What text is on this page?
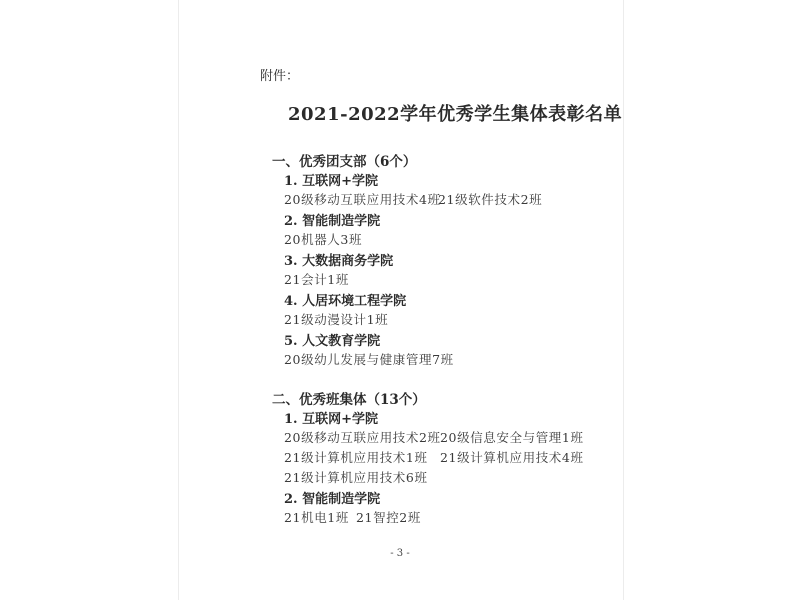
附件：
2021-2022学年优秀学生集体表彰名单
一、优秀团支部（6个）
1. 互联网+学院
20级移动互联应用技术4班
21级软件技术2班
2. 智能制造学院
20机器人3班
3. 大数据商务学院
21会计1班
4. 人居环境工程学院
21级动漫设计1班
5. 人文教育学院
20级幼儿发展与健康管理7班
二、优秀班集体（13个）
1. 互联网+学院
20级移动互联应用技术2班 20级信息安全与管理1班
21级计算机应用技术1班 21级计算机应用技术4班
21级计算机应用技术6班
2. 智能制造学院
21机电1班 21智控2班
- 3 -
